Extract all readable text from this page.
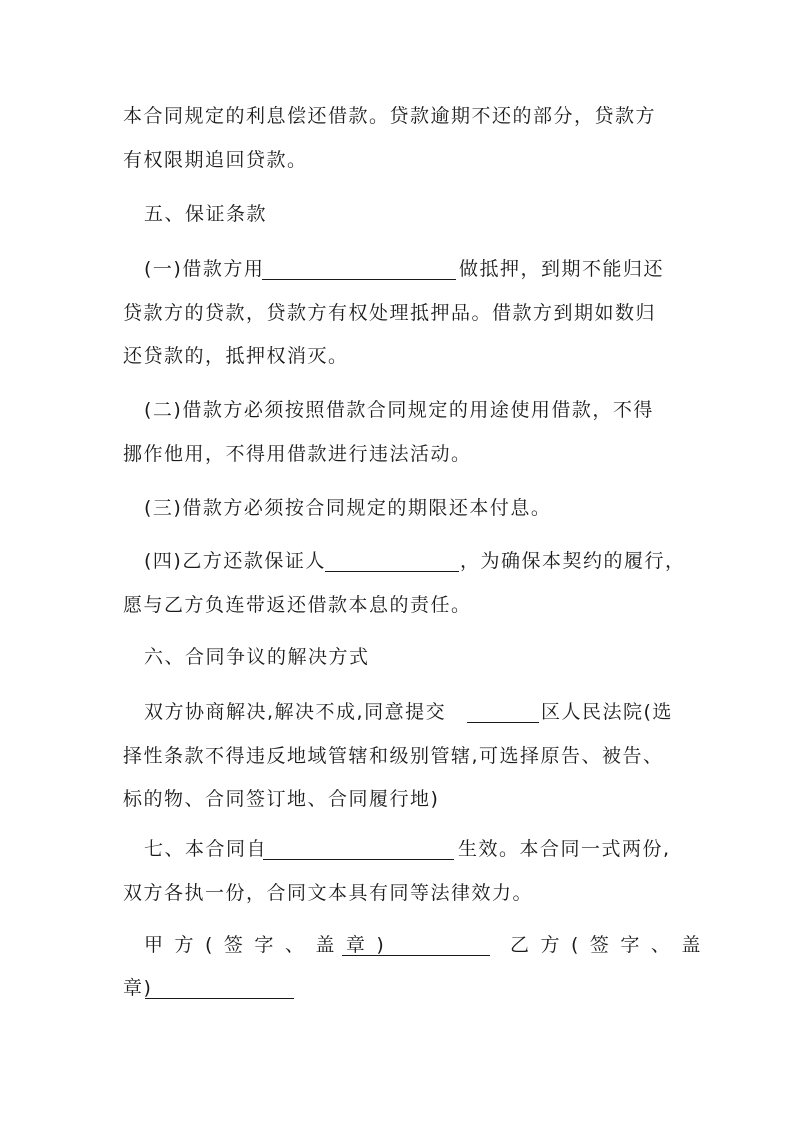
本合同规定的利息偿还借款。贷款逾期不还的部分，贷款方
有权限期追回贷款。
五、保证条款
(一)借款方用	做抵押，到期不能归还
贷款方的贷款，贷款方有权处理抵押品。借款方到期如数归
还贷款的，抵押权消灭。
(二)借款方必须按照借款合同规定的用途使用借款，不得
挪作他用，不得用借款进行违法活动。
(三)借款方必须按合同规定的期限还本付息。
(四)乙方还款保证人	，为确保本契约的履行，
愿与乙方负连带返还借款本息的责任。
六、合同争议的解决方式
双方协商解决,解决不成,同意提交	区人民法院(选
择性条款不得违反地域管辖和级别管辖,可选择原告、被告、
标的物、合同签订地、合同履行地)
七、本合同自	生效。本合同一式两份,
双方各执一份，合同文本具有同等法律效力。
甲方(签字、盖章)	乙方(签字、盖
章)
